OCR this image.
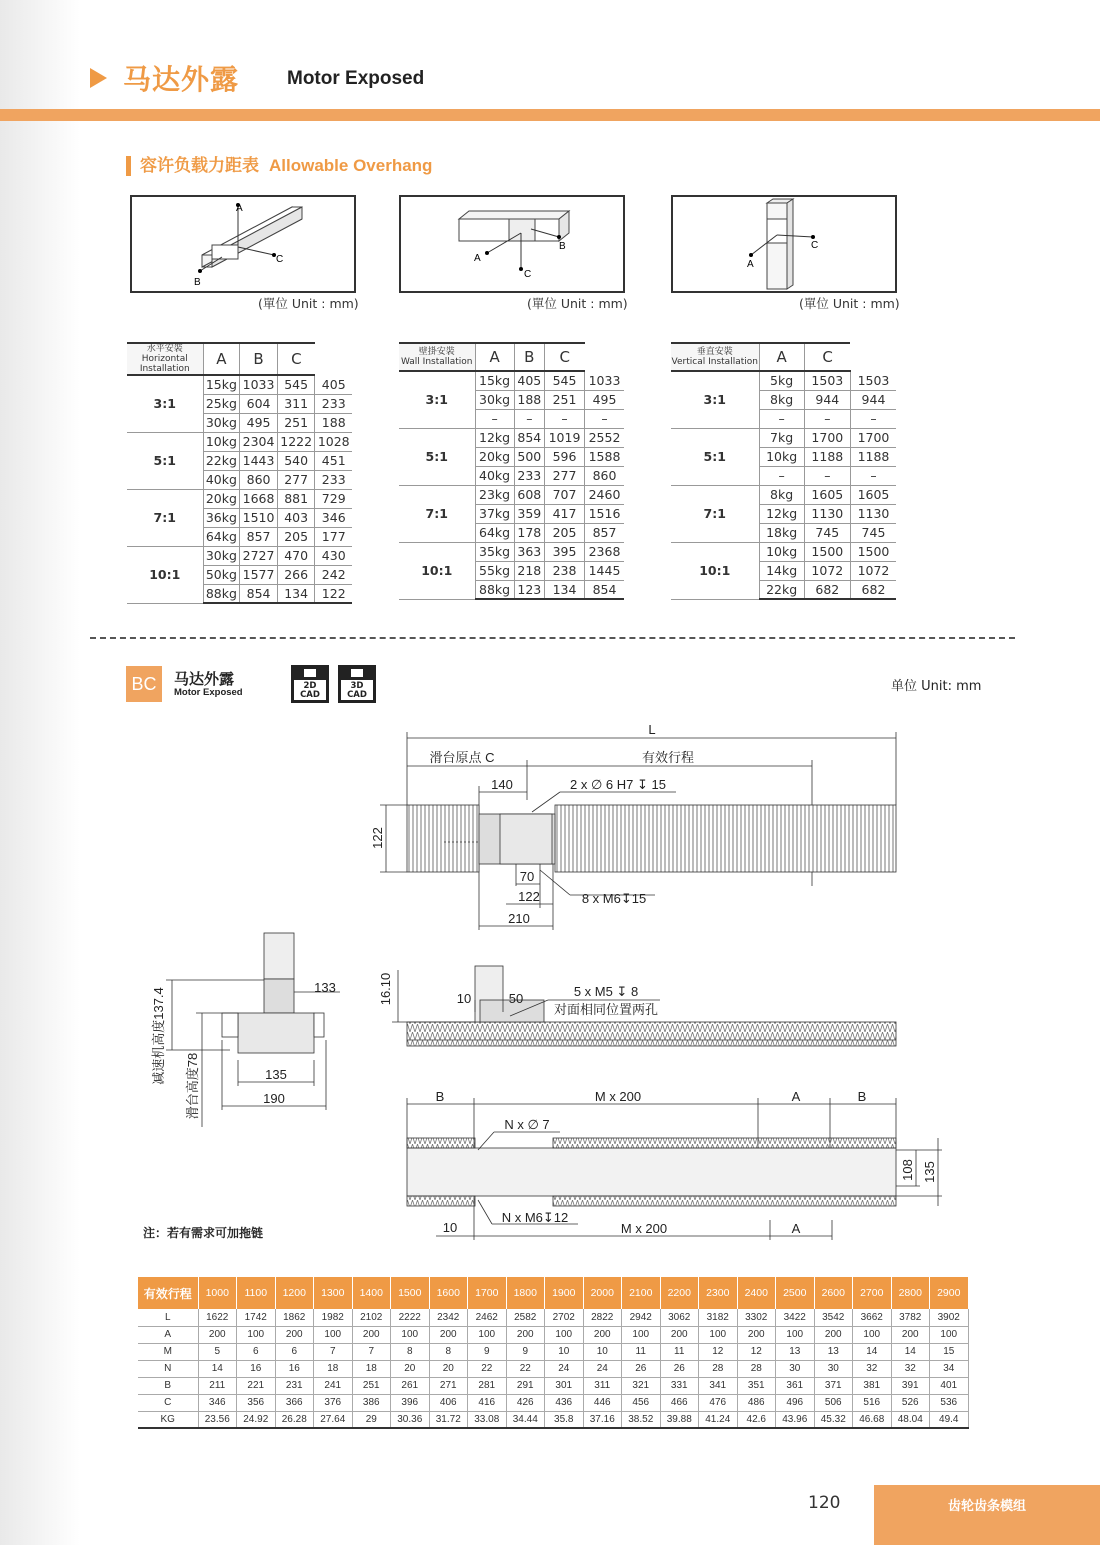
马达外露	Motor Exposed
容许负载力距表 Allowable Overhang
A
C
B
(單位 Unit : mm)
A
C
B
(單位 Unit : mm)
A
C
(單位 Unit : mm)
水平安裝
Horizontal Installation	A	B	C	
3:1	15kg	1033	545	405
	25kg	604	311	233
	30kg	495	251	188
5:1	10kg	2304	1222	1028
	22kg	1443	540	451
	40kg	860	277	233
7:1	20kg	1668	881	729
	36kg	1510	403	346
	64kg	857	205	177
10:1	30kg	2727	470	430
	50kg	1577	266	242
	88kg	854	134	122
壁掛安裝
Wall Installation	A	B	C	
3:1	15kg	405	545	1033
	30kg	188	251	495
	–	–	–	–
5:1	12kg	854	1019	2552
	20kg	500	596	1588
	40kg	233	277	860
7:1	23kg	608	707	2460
	37kg	359	417	1516
	64kg	178	205	857
10:1	35kg	363	395	2368
	55kg	218	238	1445
	88kg	123	134	854
垂直安裝
Vertical Installation	A	C	
3:1	5kg	1503	1503
	8kg	944	944
	–	–	–
5:1	7kg	1700	1700
	10kg	1188	1188
	–	–	–
7:1	8kg	1605	1605
	12kg	1130	1130
	18kg	745	745
10:1	10kg	1500	1500
	14kg	1072	1072
	22kg	682	682
BC	马达外露
Motor Exposed
2D
CAD
3D
CAD
单位 Unit: mm
L
滑台原点 C	有效行程
140	2 x ∅ 6 H7 ↧ 15
122
70
122
210
8 x M6↧15
减速机高度137.4
滑台高度78
133
135
190
16.10	10	50	5 x M5 ↧ 8
对面相同位置两孔
B	M x 200	A	B
N x ∅ 7
N x M6↧12
10	M x 200	A
108 135
注：若有需求可加拖链
有效行程	1000	1100	1200	1300	1400	1500	1600	1700	1800	1900	2000	2100	2200	2300	2400	2500	2600	2700	2800	2900
L	1622	1742	1862	1982	2102	2222	2342	2462	2582	2702	2822	2942	3062	3182	3302	3422	3542	3662	3782	3902
A	200	100	200	100	200	100	200	100	200	100	200	100	200	100	200	100	200	100	200	100
M	5	6	6	7	7	8	8	9	9	10	10	11	11	12	12	13	13	14	14	15
N	14	16	16	18	18	20	20	22	22	24	24	26	26	28	28	30	30	32	32	34
B	211	221	231	241	251	261	271	281	291	301	311	321	331	341	351	361	371	381	391	401
C	346	356	366	376	386	396	406	416	426	436	446	456	466	476	486	496	506	516	526	536
KG	23.56	24.92	26.28	27.64	29	30.36	31.72	33.08	34.44	35.8	37.16	38.52	39.88	41.24	42.6	43.96	45.32	46.68	48.04	49.4
120	齿轮齿条模组
